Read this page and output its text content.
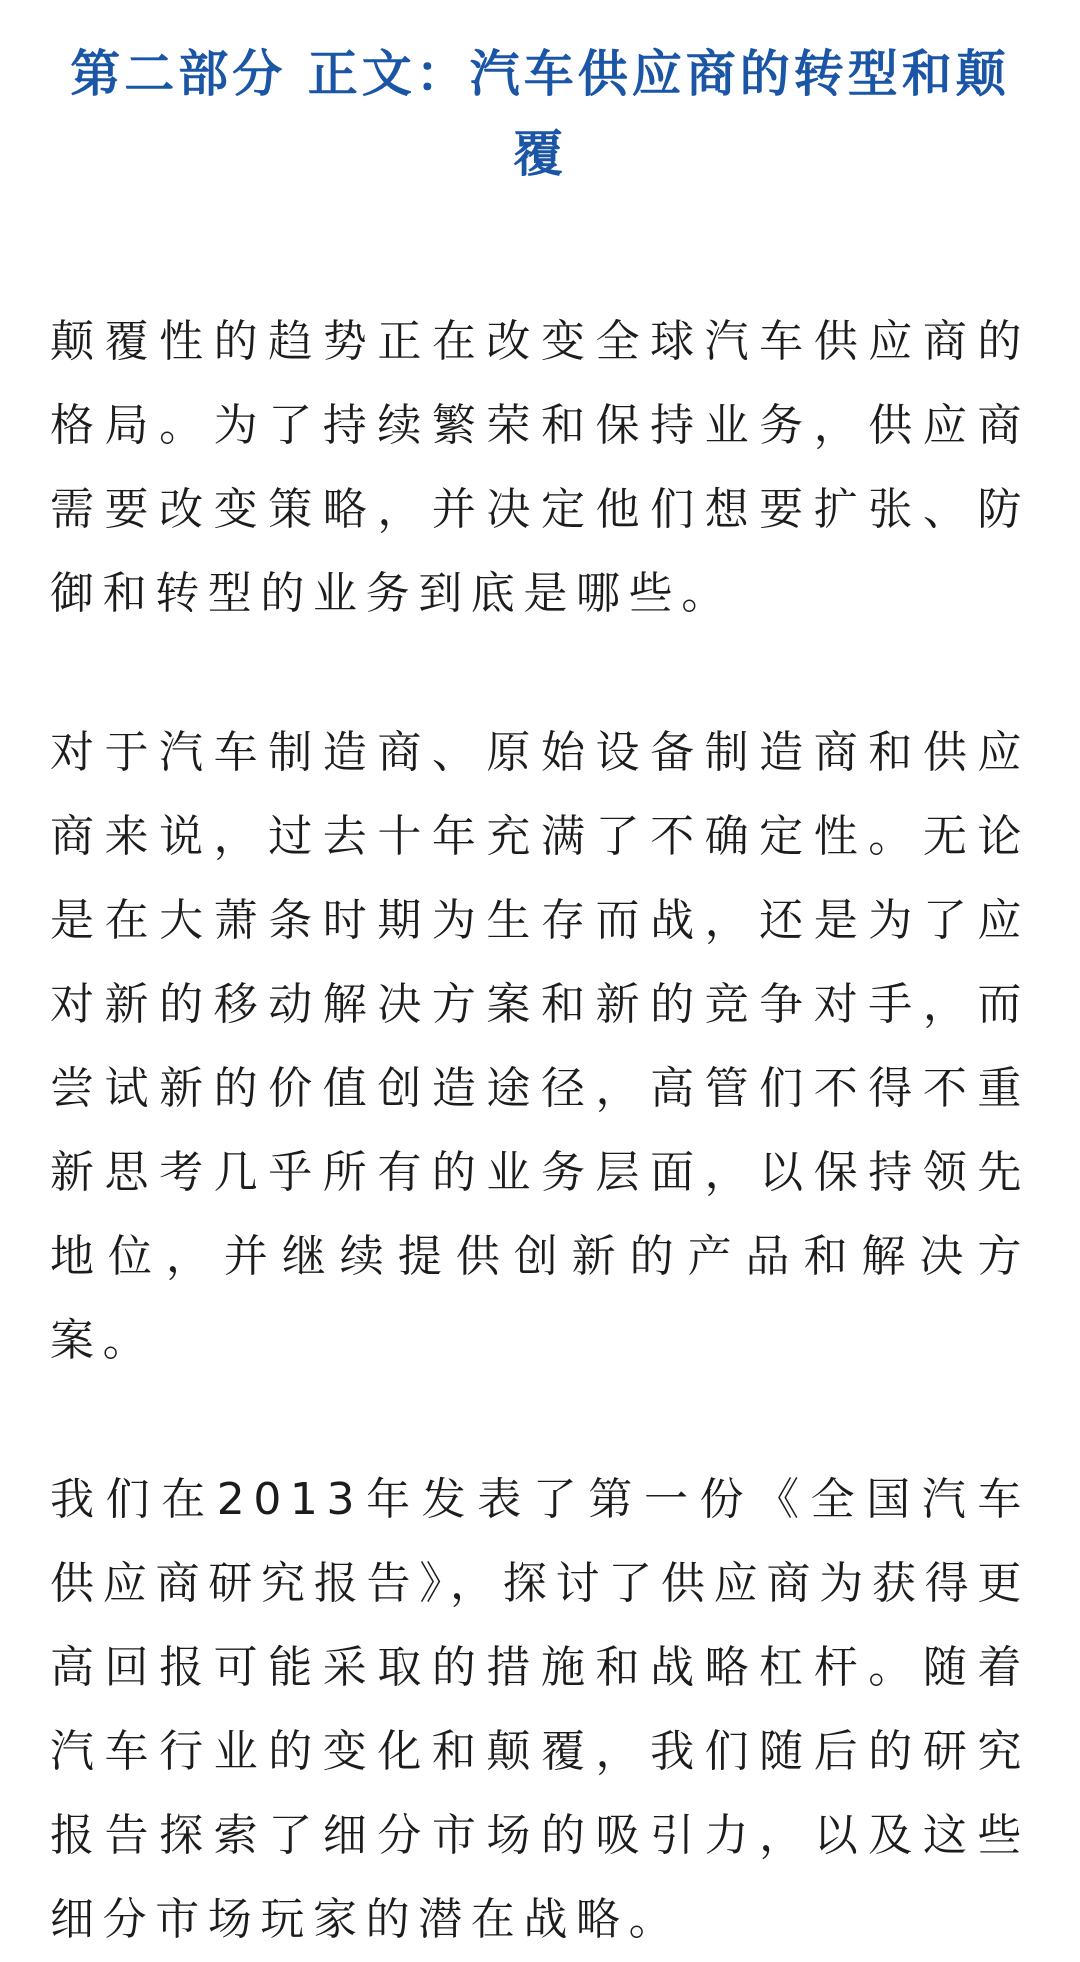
第二部分 正文：汽车供应商的转型和颠覆

颠覆性的趋势正在改变全球汽车供应商的格局。为了持续繁荣和保持业务，供应商需要改变策略，并决定他们想要扩张、防御和转型的业务到底是哪些。

对于汽车制造商、原始设备制造商和供应商来说，过去十年充满了不确定性。无论是在大萧条时期为生存而战，还是为了应对新的移动解决方案和新的竞争对手，而尝试新的价值创造途径，高管们不得不重新思考几乎所有的业务层面，以保持领先地位，并继续提供创新的产品和解决方案。

我们在2013年发表了第一份《全国汽车供应商研究报告》，探讨了供应商为获得更高回报可能采取的措施和战略杠杆。随着汽车行业的变化和颠覆，我们随后的研究报告探索了细分市场的吸引力，以及这些细分市场玩家的潜在战略。
